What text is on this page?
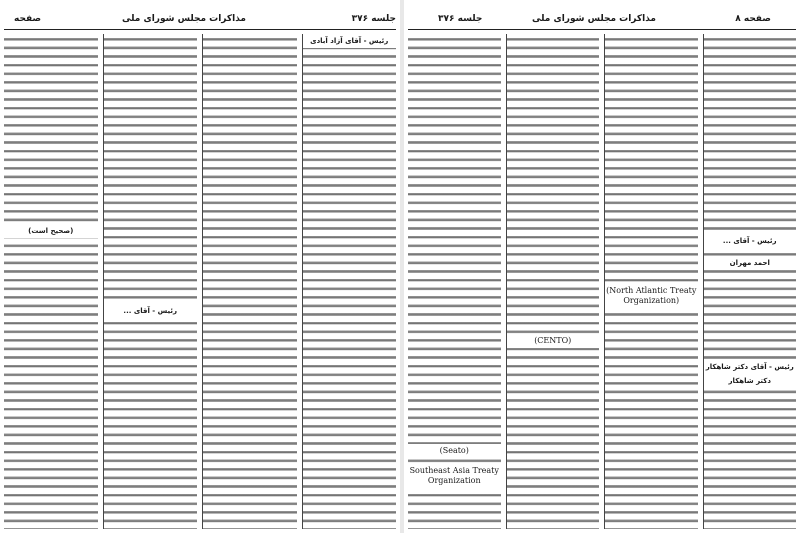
جلسه ۳۷۶
مذاکرات مجلس شورای ملی
صفحه
رئیس - آقای آزاد آبادی
رئیس - آقای ...
(صحیح است)
صفحه ۸
مذاکرات مجلس شورای ملی
جلسه ۳۷۶
رئیس - آقای ...
احمد مهران
رئیس - آقای دکتر شاهکار
دکتر شاهکار
(North Atlantic Treaty Organization)
(CENTO)
(Seato)
Southeast Asia Treaty Organization
